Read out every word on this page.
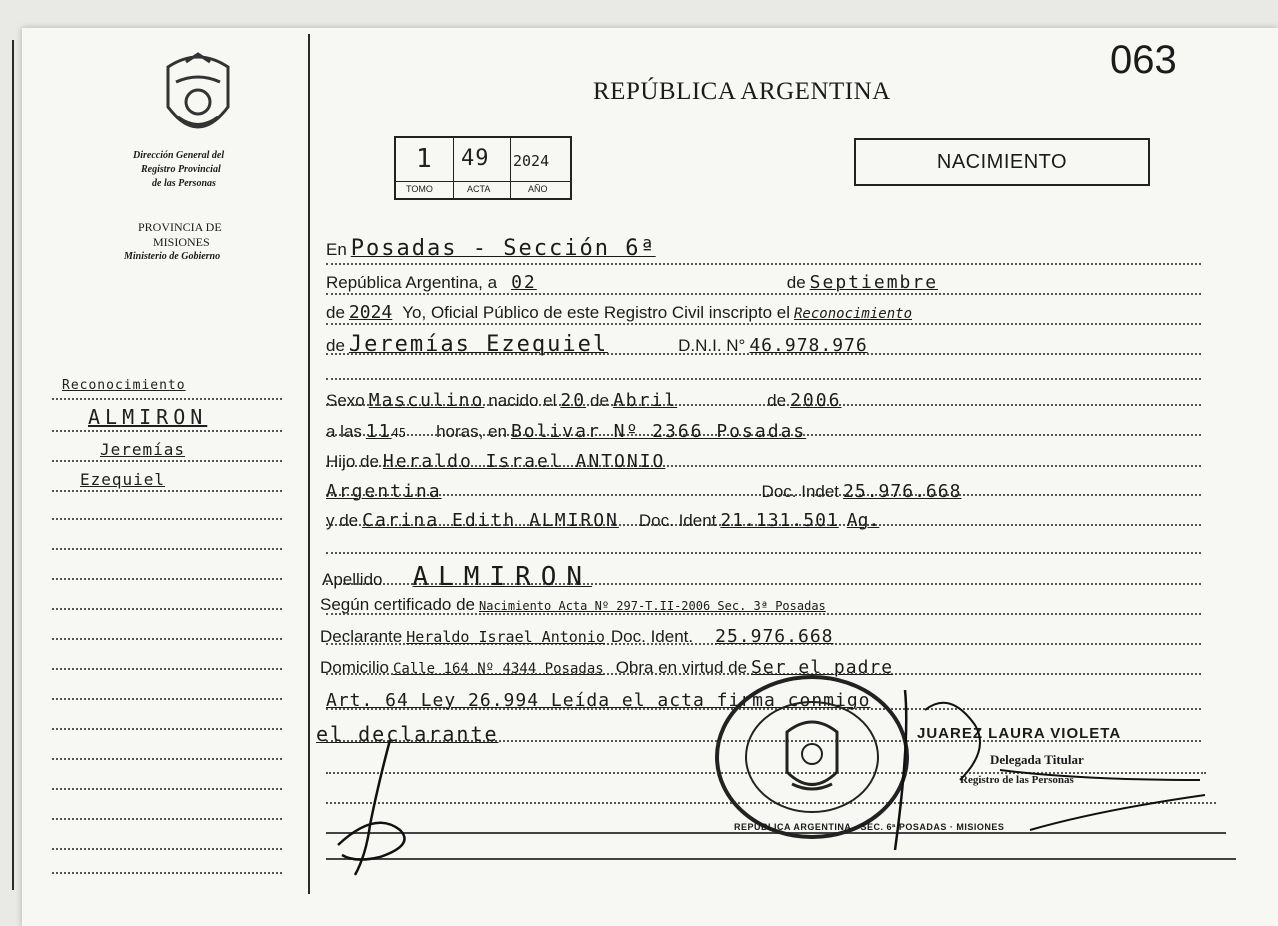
063
REPÚBLICA ARGENTINA
Dirección General del
Registro Provincial
de las Personas
PROVINCIA DE
MISIONES
Ministerio de Gobierno
1 49 2024
TOMO	ACTA	AÑO
NACIMIENTO
Reconocimiento
ALMIRON
Jeremías
Ezequiel
En Posadas - Sección 6ª
República Argentina, a 02	de Septiembre
de 2024 Yo, Oficial Público de este Registro Civil inscripto el Reconocimiento
de Jeremías Ezequiel	D.N.I. N° 46.978.976
Sexo Masculino nacido el 20 de Abril	de 2006
a las 11 45 horas, en Bolivar Nº 2366 Posadas
Hijo de Heraldo Israel ANTONIO
Argentina	Doc. Indet 25.976.668
y de Carina Edith ALMIRON Doc. Ident 21.131.501 Ag.
Apellido ALMIRON
Según certificado de Nacimiento Acta Nº 297-T.II-2006 Sec. 3ª Posadas
Declarante Heraldo Israel Antonio Doc. Ident. 25.976.668
Domicilio Calle 164 Nº 4344 Posadas Obra en virtud de Ser el padre
Art. 64 Ley 26.994 Leída el acta firma conmigo
el declarante
REPÚBLICA ARGENTINA · SEC. 6ª POSADAS · MISIONES
JUAREZ LAURA VIOLETA
Delegada Titular
Registro de las Personas
